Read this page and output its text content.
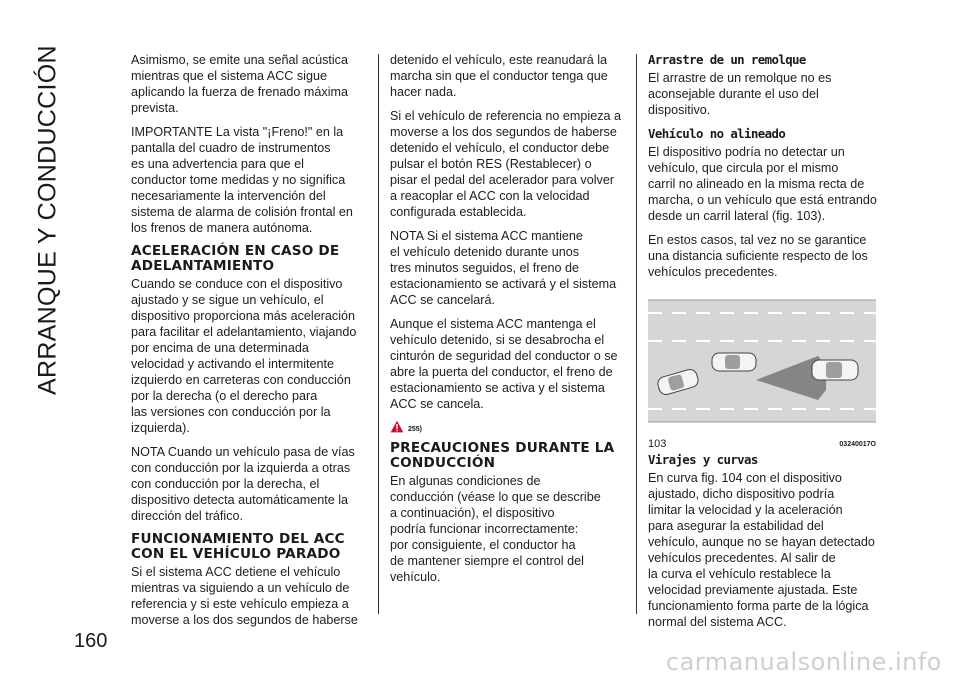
ARRANQUE Y CONDUCCIÓN
160

Asimismo, se emite una señal acústica
mientras que el sistema ACC sigue
aplicando la fuerza de frenado máxima
prevista.

IMPORTANTE La vista "¡Freno!" en la
pantalla del cuadro de instrumentos
es una advertencia para que el
conductor tome medidas y no significa
necesariamente la intervención del
sistema de alarma de colisión frontal en
los frenos de manera autónoma.

ACELERACIÓN EN CASO DE
ADELANTAMIENTO

Cuando se conduce con el dispositivo
ajustado y se sigue un vehículo, el
dispositivo proporciona más aceleración
para facilitar el adelantamiento, viajando
por encima de una determinada
velocidad y activando el intermitente
izquierdo en carreteras con conducción
por la derecha (o el derecho para
las versiones con conducción por la
izquierda).

NOTA Cuando un vehículo pasa de vías
con conducción por la izquierda a otras
con conducción por la derecha, el
dispositivo detecta automáticamente la
dirección del tráfico.

FUNCIONAMIENTO DEL ACC
CON EL VEHÍCULO PARADO

Si el sistema ACC detiene el vehículo
mientras va siguiendo a un vehículo de
referencia y si este vehículo empieza a
moverse a los dos segundos de haberse

detenido el vehículo, este reanudará la
marcha sin que el conductor tenga que
hacer nada.

Si el vehículo de referencia no empieza a
moverse a los dos segundos de haberse
detenido el vehículo, el conductor debe
pulsar el botón RES (Restablecer) o
pisar el pedal del acelerador para volver
a reacoplar el ACC con la velocidad
configurada establecida.

NOTA Si el sistema ACC mantiene
el vehículo detenido durante unos
tres minutos seguidos, el freno de
estacionamiento se activará y el sistema
ACC se cancelará.

Aunque el sistema ACC mantenga el
vehículo detenido, si se desabrocha el
cinturón de seguridad del conductor o se
abre la puerta del conductor, el freno de
estacionamiento se activa y el sistema
ACC se cancela.

255)
PRECAUCIONES DURANTE LA
CONDUCCIÓN

En algunas condiciones de
conducción (véase lo que se describe
a continuación), el dispositivo
podría funcionar incorrectamente:
por consiguiente, el conductor ha
de mantener siempre el control del
vehículo.

Arrastre de un remolque

El arrastre de un remolque no es
aconsejable durante el uso del
dispositivo.

Vehículo no alineado

El dispositivo podría no detectar un
vehículo, que circula por el mismo
carril no alineado en la misma recta de
marcha, o un vehículo que está entrando
desde un carril lateral (fig. 103).

En estos casos, tal vez no se garantice
una distancia suficiente respecto de los
vehículos precedentes.

103	03240017O
Virajes y curvas

En curva fig. 104 con el dispositivo
ajustado, dicho dispositivo podría
limitar la velocidad y la aceleración
para asegurar la estabilidad del
vehículo, aunque no se hayan detectado
vehículos precedentes. Al salir de
la curva el vehículo restablece la
velocidad previamente ajustada. Este
funcionamiento forma parte de la lógica
normal del sistema ACC.

carmanualsonline.info
